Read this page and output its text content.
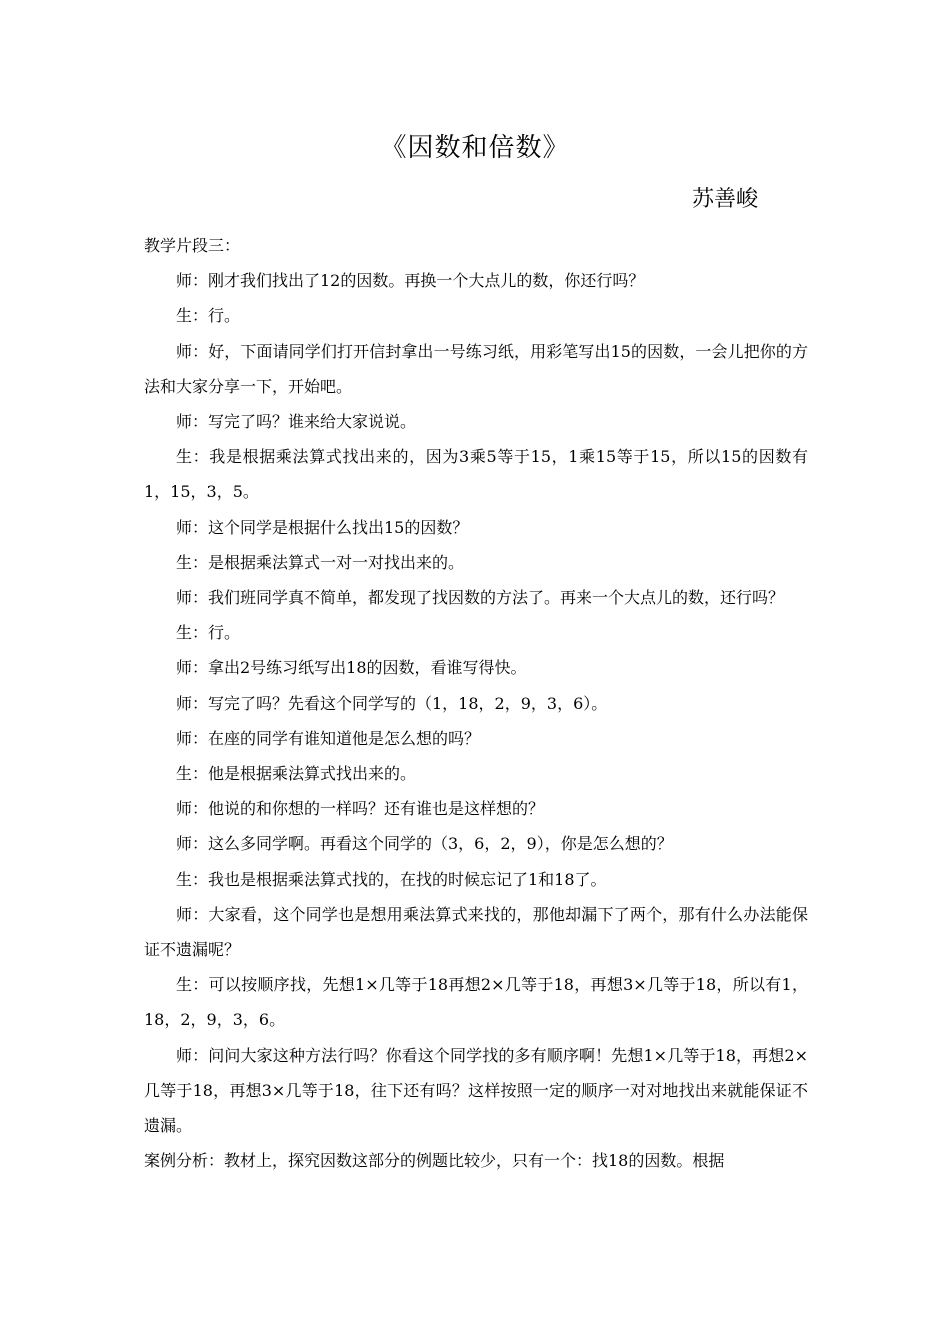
《因数和倍数》
苏善峻

教学片段三：

师：刚才我们找出了12的因数。再换一个大点儿的数，你还行吗？

生：行。

师：好，下面请同学们打开信封拿出一号练习纸，用彩笔写出15的因数，一会儿把你的方法和大家分享一下，开始吧。

师：写完了吗？谁来给大家说说。

生：我是根据乘法算式找出来的，因为3乘5等于15，1乘15等于15，所以15的因数有1，15，3，5。

师：这个同学是根据什么找出15的因数？

生：是根据乘法算式一对一对找出来的。

师：我们班同学真不简单，都发现了找因数的方法了。再来一个大点儿的数，还行吗？

生：行。

师：拿出2号练习纸写出18的因数，看谁写得快。

师：写完了吗？先看这个同学写的（1，18，2，9，3，6）。

师：在座的同学有谁知道他是怎么想的吗？

生：他是根据乘法算式找出来的。

师：他说的和你想的一样吗？还有谁也是这样想的？

师：这么多同学啊。再看这个同学的（3，6，2，9），你是怎么想的？

生：我也是根据乘法算式找的，在找的时候忘记了1和18了。

师：大家看，这个同学也是想用乘法算式来找的，那他却漏下了两个，那有什么办法能保证不遗漏呢？

生：可以按顺序找，先想1×几等于18再想2×几等于18，再想3×几等于18，所以有1，18，2，9，3，6。

师：问问大家这种方法行吗？你看这个同学找的多有顺序啊！先想1×几等于18，再想2×几等于18，再想3×几等于18，往下还有吗？这样按照一定的顺序一对对地找出来就能保证不遗漏。

案例分析：教材上，探究因数这部分的例题比较少，只有一个：找18的因数。根据
